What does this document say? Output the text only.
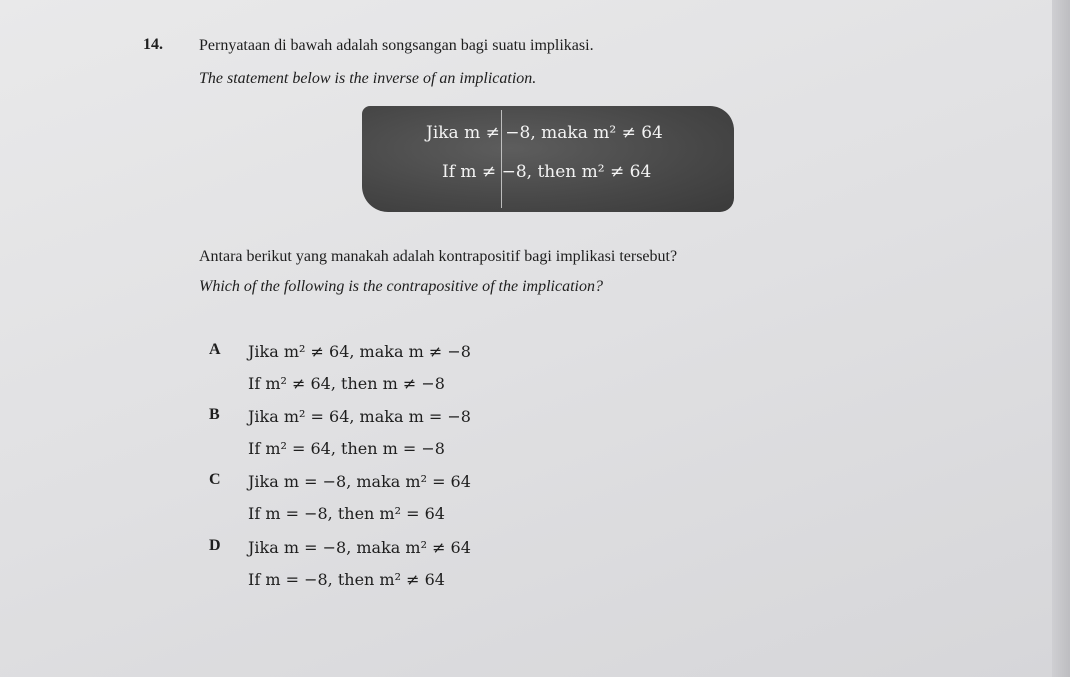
14. Pernyataan di bawah adalah songsangan bagi suatu implikasi.
The statement below is the inverse of an implication.
Jika m ≠ −8, maka m² ≠ 64
If m ≠ −8, then m² ≠ 64
Antara berikut yang manakah adalah kontrapositif bagi implikasi tersebut?
Which of the following is the contrapositive of the implication?
A Jika m² ≠ 64, maka m ≠ −8
If m² ≠ 64, then m ≠ −8
B Jika m² = 64, maka m = −8
If m² = 64, then m = −8
C Jika m = −8, maka m² = 64
If m = −8, then m² = 64
D Jika m = −8, maka m² ≠ 64
If m = −8, then m² ≠ 64
